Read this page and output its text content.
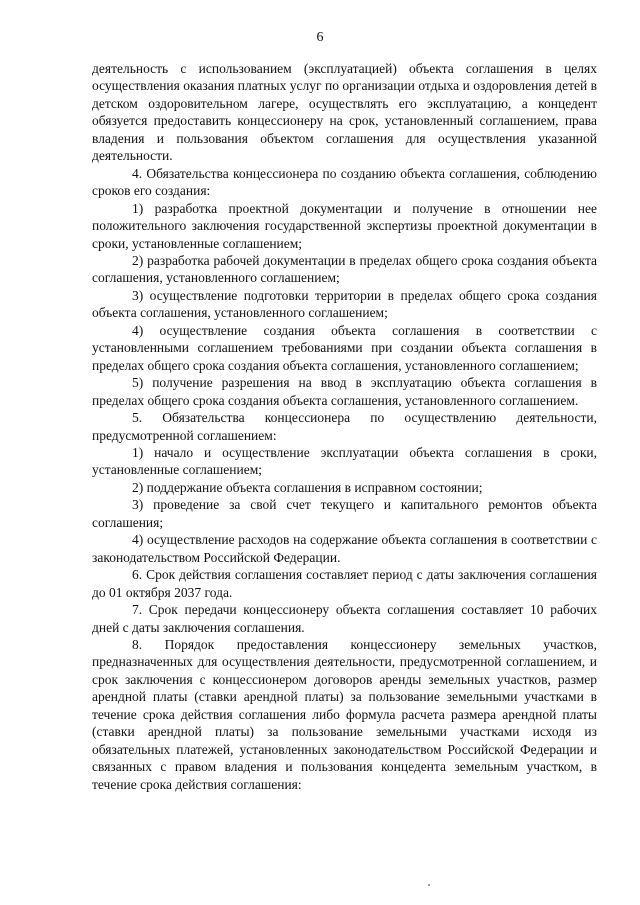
6

деятельность с использованием (эксплуатацией) объекта соглашения в целях осуществления оказания платных услуг по организации отдыха и оздоровления детей в детском оздоровительном лагере, осуществлять его эксплуатацию, а концедент обязуется предоставить концессионеру на срок, установленный соглашением, права владения и пользования объектом соглашения для осуществления указанной деятельности.

4. Обязательства концессионера по созданию объекта соглашения, соблюдению сроков его создания:

1) разработка проектной документации и получение в отношении нее положительного заключения государственной экспертизы проектной документации в сроки, установленные соглашением;

2) разработка рабочей документации в пределах общего срока создания объекта соглашения, установленного соглашением;

3) осуществление подготовки территории в пределах общего срока создания объекта соглашения, установленного соглашением;

4) осуществление создания объекта соглашения в соответствии с установленными соглашением требованиями при создании объекта соглашения в пределах общего срока создания объекта соглашения, установленного соглашением;

5) получение разрешения на ввод в эксплуатацию объекта соглашения в пределах общего срока создания объекта соглашения, установленного соглашением.

5. Обязательства концессионера по осуществлению деятельности, предусмотренной соглашением:

1) начало и осуществление эксплуатации объекта соглашения в сроки, установленные соглашением;

2) поддержание объекта соглашения в исправном состоянии;

3) проведение за свой счет текущего и капитального ремонтов объекта соглашения;

4) осуществление расходов на содержание объекта соглашения в соответствии с законодательством Российской Федерации.

6. Срок действия соглашения составляет период с даты заключения соглашения до 01 октября 2037 года.

7. Срок передачи концессионеру объекта соглашения составляет 10 рабочих дней с даты заключения соглашения.

8. Порядок предоставления концессионеру земельных участков, предназначенных для осуществления деятельности, предусмотренной соглашением, и срок заключения с концессионером договоров аренды земельных участков, размер арендной платы (ставки арендной платы) за пользование земельными участками в течение срока действия соглашения либо формула расчета размера арендной платы (ставки арендной платы) за пользование земельными участками исходя из обязательных платежей, установленных законодательством Российской Федерации и связанных с правом владения и пользования концедента земельным участком, в течение срока действия соглашения:
